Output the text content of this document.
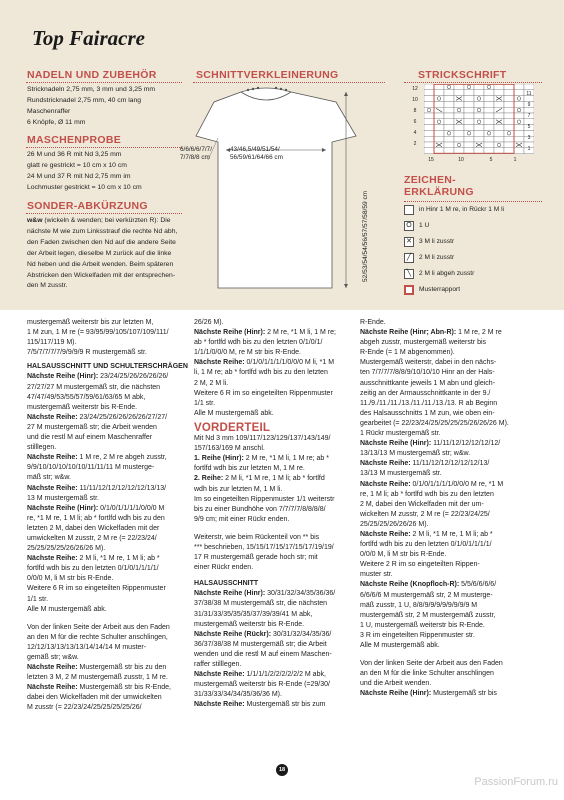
Top Fairacre
NADELN UND ZUBEHÖR
Stricknadeln 2,75 mm, 3 mm und 3,25 mm
Rundstricknadel 2,75 mm, 40 cm lang
Maschenraffer
6 Knöpfe, Ø 11 mm
MASCHENPROBE
26 M und 36 R mit Nd 3,25 mm
glatt re gestrickt = 10 cm x 10 cm
24 M und 37 R mit Nd 2,75 mm im
Lochmuster gestrickt = 10 cm x 10 cm
SONDER-ABKÜRZUNG
w&w (wickeln & wenden; bei verkürzten R): Die
nächste M wie zum Linksstrauf die rechte Nd abh,
den Faden zwischen den Nd auf die andere Seite
der Arbeit legen, dieselbe M zurück auf die linke
Nd heben und die Arbeit wenden. Beim späteren
Abstricken den Wickelfaden mit der entsprechen-
den M zusstr.
SCHNITTVERKLEINERUNG
6/6/6/6/7/7/
7/7/8/8 cm
43/46,5/49/51/54/
56/59/61/64/66 cm
52/53/54/54/56/57/57/58/59 cm
STRICKSCHRIFT
12
10
8
6
4
2
11
9
7
5
3
1
15	10	5	1
ZEICHEN-
ERKLÄRUNG
in Hinr 1 M re, in Rückr 1 M li
O	1 U
✕	3 M li zusstr
╱	2 M li zusstr
╲	2 M li abgeh zusstr
Musterrapport

mustergemäß weiterstr bis zur letzten M,

1 M zun, 1 M re (= 93/95/99/105/107/109/111/

115/117/119 M).

7/5/7/7/7/7/9/9/9/9 R mustergemäß str.

HALSAUSSCHNITT UND SCHULTERSCHRÄGEN

Nächste Reihe (Hinr): 23/24/25/26/26/26/26/

27/27/27 M mustergemäß str, die nächsten

47/47/49/53/55/57/59/61/63/65 M abk,

mustergemäß weiterstr bis R-Ende.

Nächste Reihe: 23/24/25/26/26/26/26/27/27/

27 M mustergemäß str; die Arbeit wenden

und die restl M auf einem Maschenraffer

stilllegen.

Nächste Reihe: 1 M re, 2 M re abgeh zusstr,

9/9/10/10/10/10/10/11/11/11 M musterge-

mäß str; w&w.

Nächste Reihe: 11/11/12/12/12/12/12/13/13/

13 M mustergemäß str.

Nächste Reihe (Hinr): 0/1/0/1/1/1/1/0/0/0 M

re, *1 M re, 1 M li; ab * fortlfd wdh bis zu den

letzten 2 M, dabei den Wickelfaden mit der

umwickelten M zusstr, 2 M re (= 22/23/24/

25/25/25/25/26/26/26 M).

Nächste Reihe: 2 M li, *1 M re, 1 M li; ab *

fortlfd wdh bis zu den letzten 0/1/0/1/1/1/1/

0/0/0 M, li M str bis R-Ende.

Weitere 6 R im so eingeteilten Rippenmuster

1/1 str.

Alle M mustergemäß abk.

Von der linken Seite der Arbeit aus den Faden

an den M für die rechte Schulter anschlingen,

12/12/13/13/13/13/14/14/14 M muster-

gemäß str; w&w.

Nächste Reihe: Mustergemäß str bis zu den

letzten 3 M, 2 M mustergemäß zusstr, 1 M re.

Nächste Reihe: Mustergemäß str bis R-Ende,

dabei den Wickelfaden mit der umwickelten

M zusstr (= 22/23/24/25/25/25/25/26/

26/26 M).

Nächste Reihe (Hinr): 2 M re, *1 M li, 1 M re;

ab * fortlfd wdh bis zu den letzten 0/1/0/1/

1/1/1/0/0/0 M, re M str bis R-Ende.

Nächste Reihe: 0/1/0/1/1/1/1/0/0/0 M li, *1 M

li, 1 M re; ab * fortlfd wdh bis zu den letzten

2 M, 2 M li.

Weitere 6 R im so eingeteilten Rippenmuster

1/1 str.

Alle M mustergemäß abk.

VORDERTEIL

Mit Nd 3 mm 109/117/123/129/137/143/149/

157/163/169 M anschl.

1. Reihe (Hinr): 2 M re, *1 M li, 1 M re; ab *

fortlfd wdh bis zur letzten M, 1 M re.

2. Reihe: 2 M li, *1 M re, 1 M li; ab * fortlfd

wdh bis zur letzten M, 1 M li.

Im so eingeteilten Rippenmuster 1/1 weiterstr

bis zu einer Bundhöhe von 7/7/7/7/8/8/8/8/

9/9 cm; mit einer Rückr enden.

Weiterstr, wie beim Rückenteil von ** bis

*** beschrieben, 15/15/17/15/17/15/17/19/19/

17 R mustergemäß gerade hoch str; mit

einer Rückr enden.

HALSAUSSCHNITT

Nächste Reihe (Hinr): 30/31/32/34/35/36/36/

37/38/38 M mustergemäß str, die nächsten

31/31/33/35/35/35/37/39/39/41 M abk,

mustergemäß weiterstr bis R-Ende.

Nächste Reihe (Rückr): 30/31/32/34/35/36/

36/37/38/38 M mustergemäß str; die Arbeit

wenden und die restl M auf einem Maschen-

raffer stilllegen.

Nächste Reihe: 1/1/1/1/2/2/2/2/2/2 M abk,

mustergemäß weiterstr bis R-Ende (=29/30/

31/33/33/34/34/35/36/36 M).

Nächste Reihe: Mustergemäß str bis zum

R-Ende.

Nächste Reihe (Hinr; Abn-R): 1 M re, 2 M re

abgeh zusstr, mustergemäß weiterstr bis

R-Ende (= 1 M abgenommen).

Mustergemäß weiterstr, dabei in den nächs-

ten 7/7/7/7/8/8/9/10/10/10 Hinr an der Hals-

ausschnittkante jeweils 1 M abn und gleich-

zeitig an der Armausschnittkante in der 9./

11./9./11./11./13./11./11./13./13. R ab Beginn

des Halsausschnitts 1 M zun, wie oben ein-

gearbeitet (= 22/23/24/25/25/25/25/26/26/26 M).

1 Rückr mustergemäß str.

Nächste Reihe (Hinr): 11/11/12/12/12/12/12/

13/13/13 M mustergemäß str; w&w.

Nächste Reihe: 11/11/12/12/12/12/12/13/

13/13 M mustergemäß str.

Nächste Reihe: 0/1/0/1/1/1/1/0/0/0 M re, *1 M

re, 1 M li; ab * fortlfd wdh bis zu den letzten

2 M, dabei den Wickelfaden mit der um-

wickelten M zusstr, 2 M re (= 22/23/24/25/

25/25/25/26/26/26 M).

Nächste Reihe: 2 M li, *1 M re, 1 M li; ab *

fortlfd wdh bis zu den letzten 0/1/0/1/1/1/1/

0/0/0 M, li M str bis R-Ende.

Weitere 2 R im so eingeteilten Rippen-

muster str.

Nächste Reihe (Knopfloch-R): 5/5/6/6/6/6/

6/6/6/6 M mustergemäß str, 2 M musterge-

mäß zusstr, 1 U, 8/8/9/9/9/9/9/9/9/9 M

mustergemäß str, 2 M mustergemäß zusstr,

1 U, mustergemäß weiterstr bis R-Ende.

3 R im eingeteilten Rippenmuster str.

Alle M mustergemäß abk.

Von der linken Seite der Arbeit aus den Faden

an den M für die linke Schulter anschlingen

und die Arbeit wenden.

Nächste Reihe (Hinr): Mustergemäß str bis

18
PassionForum.ru
